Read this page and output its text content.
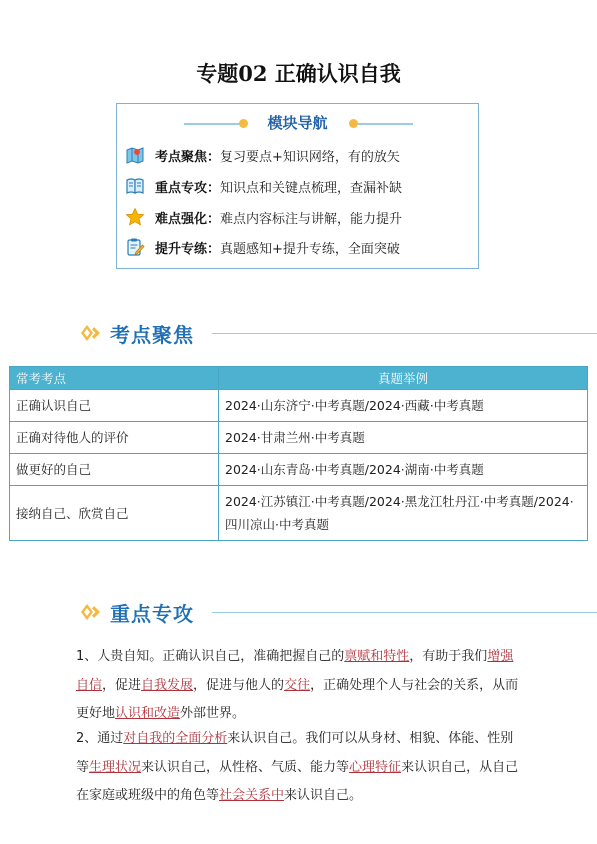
专题02 正确认识自我
模块导航
考点聚焦： 复习要点+知识网络，有的放矢
重点专攻： 知识点和关键点梳理，查漏补缺
难点强化： 难点内容标注与讲解，能力提升
提升专练： 真题感知+提升专练，全面突破
考点聚焦
常考考点	真题举例
正确认识自己	2024·山东济宁·中考真题/2024·西藏·中考真题
正确对待他人的评价	2024·甘肃兰州·中考真题
做更好的自己	2024·山东青岛·中考真题/2024·湖南·中考真题
接纳自己、欣赏自己	2024·江苏镇江·中考真题/2024·黑龙江牡丹江·中考真题/2024·四川凉山·中考真题
重点专攻
1、人贵自知。正确认识自己，准确把握自己的禀赋和特性，有助于我们增强自信，促进自我发展，促进与他人的交往，正确处理个人与社会的关系，从而更好地认识和改造外部世界。
2、通过对自我的全面分析来认识自己。我们可以从身材、相貌、体能、性别等生理状况来认识自己，从性格、气质、能力等心理特征来认识自己，从自己在家庭或班级中的角色等社会关系中来认识自己。
